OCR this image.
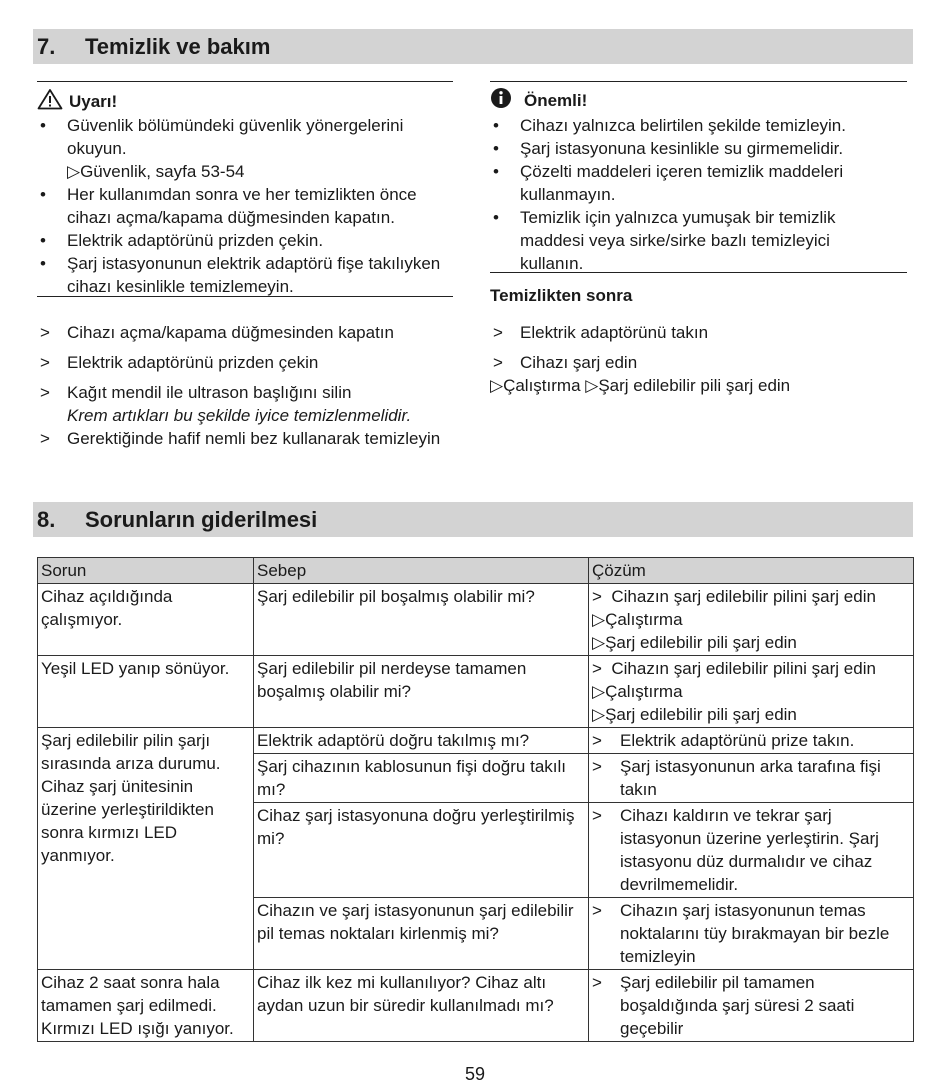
7.	Temizlik ve bakım
Uyarı!
• Güvenlik bölümündeki güvenlik yönergelerini okuyun.
▷Güvenlik, sayfa 53-54
• Her kullanımdan sonra ve her temizlikten önce cihazı açma/kapama düğmesinden kapatın.
• Elektrik adaptörünü prizden çekin.
• Şarj istasyonunun elektrik adaptörü fişe takılıyken cihazı kesinlikle temizlemeyin.
Önemli!
• Cihazı yalnızca belirtilen şekilde temizleyin.
• Şarj istasyonuna kesinlikle su girmemelidir.
• Çözelti maddeleri içeren temizlik maddeleri kullanmayın.
• Temizlik için yalnızca yumuşak bir temizlik maddesi veya sirke/sirke bazlı temizleyici kullanın.
> Cihazı açma/kapama düğmesinden kapatın
> Elektrik adaptörünü prizden çekin
> Kağıt mendil ile ultrason başlığını silin
Krem artıkları bu şekilde iyice temizlenmelidir.
> Gerektiğinde hafif nemli bez kullanarak temizleyin
Temizlikten sonra
> Elektrik adaptörünü takın
> Cihazı şarj edin
▷Çalıştırma ▷Şarj edilebilir pili şarj edin
8.	Sorunların giderilmesi
Sorun	Sebep	Çözüm
Cihaz açıldığında çalışmıyor.	Şarj edilebilir pil boşalmış olabilir mi?	>  Cihazın şarj edilebilir pilini şarj edin
▷Çalıştırma
▷Şarj edilebilir pili şarj edin

Yeşil LED yanıp sönüyor.	Şarj edilebilir pil nerdeyse tamamen boşalmış olabilir mi?	>  Cihazın şarj edilebilir pilini şarj edin
▷Çalıştırma
▷Şarj edilebilir pili şarj edin

Şarj edilebilir pilin şarjı sırasında arıza durumu. Cihaz şarj ünitesinin üzerine yerleştirildikten sonra kırmızı LED yanmıyor.	Elektrik adaptörü doğru takılmış mı?	> Elektrik adaptörünü prize takın.

	Şarj cihazının kablosunun fişi doğru takılı mı?	> Şarj istasyonunun arka tarafına fişi takın

	Cihaz şarj istasyonuna doğru yerleştirilmiş mi?	> Cihazı kaldırın ve tekrar şarj istasyonun üzerine yerleştirin. Şarj istasyonu düz durmalıdır ve cihaz devrilmemelidir.

	Cihazın ve şarj istasyonunun şarj edilebilir pil temas noktaları kirlenmiş mi?	> Cihazın şarj istasyonunun temas noktalarını tüy bırakmayan bir bezle temizleyin

Cihaz 2 saat sonra hala tamamen şarj edilmedi. Kırmızı LED ışığı yanıyor.	Cihaz ilk kez mi kullanılıyor? Cihaz altı aydan uzun bir süredir kullanılmadı mı?	> Şarj edilebilir pil tamamen boşaldığında şarj süresi 2 saati geçebilir
59
